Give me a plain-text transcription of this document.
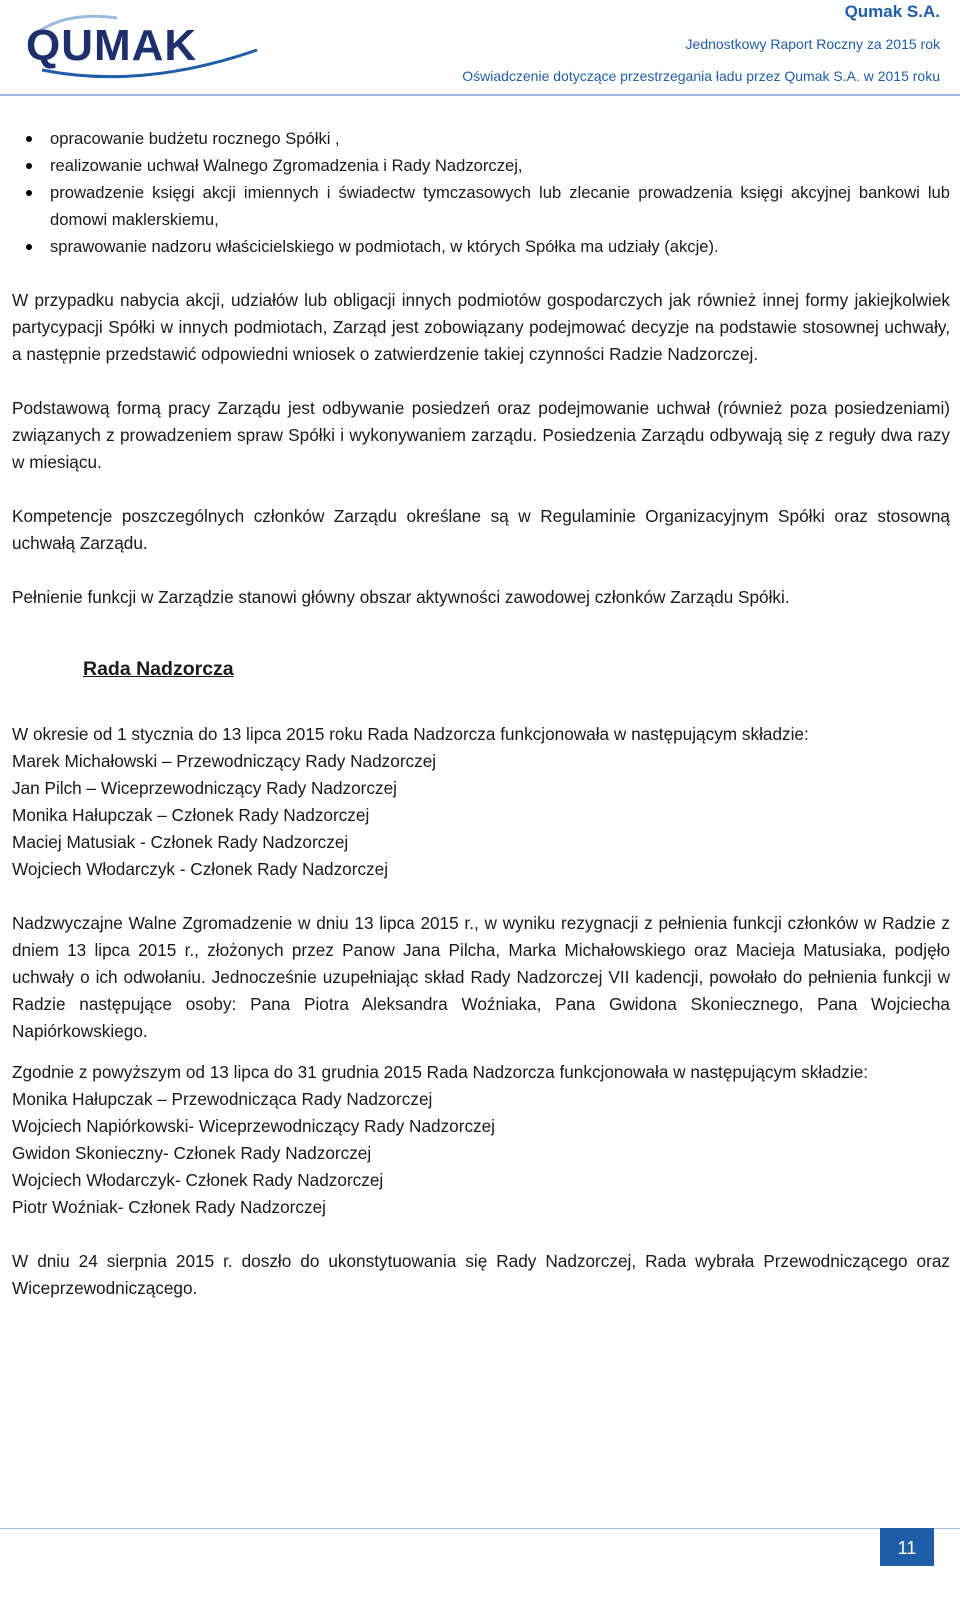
QUMAK
Qumak S.A.
Jednostkowy Raport Roczny za 2015 rok
Oświadczenie dotyczące przestrzegania ładu przez Qumak S.A. w 2015 roku
opracowanie budżetu rocznego Spółki ,
realizowanie uchwał Walnego Zgromadzenia i Rady Nadzorczej,
prowadzenie księgi akcji imiennych i świadectw tymczasowych lub zlecanie prowadzenia księgi akcyjnej bankowi lub domowi maklerskiemu,
sprawowanie nadzoru właścicielskiego w podmiotach, w których Spółka ma udziały (akcje).

W przypadku nabycia akcji, udziałów lub obligacji innych podmiotów gospodarczych jak również innej formy jakiejkolwiek partycypacji Spółki w innych podmiotach, Zarząd jest zobowiązany podejmować decyzje na podstawie stosownej uchwały, a następnie przedstawić odpowiedni wniosek o zatwierdzenie takiej czynności Radzie Nadzorczej.

Podstawową formą pracy Zarządu jest odbywanie posiedzeń oraz podejmowanie uchwał (również poza posiedzeniami) związanych z prowadzeniem spraw Spółki i wykonywaniem zarządu. Posiedzenia Zarządu odbywają się z reguły dwa razy w miesiącu.

Kompetencje poszczególnych członków Zarządu określane są w Regulaminie Organizacyjnym Spółki oraz stosowną uchwałą Zarządu.

Pełnienie funkcji w Zarządzie stanowi główny obszar aktywności zawodowej członków Zarządu Spółki.

Rada Nadzorcza

W okresie od 1 stycznia do 13 lipca 2015 roku Rada Nadzorcza funkcjonowała w następującym składzie:

Marek Michałowski – Przewodniczący Rady Nadzorczej
Jan Pilch – Wiceprzewodniczący Rady Nadzorczej
Monika Hałupczak – Członek Rady Nadzorczej
Maciej Matusiak - Członek Rady Nadzorczej
Wojciech Włodarczyk - Członek Rady Nadzorczej

Nadzwyczajne Walne Zgromadzenie w dniu 13 lipca 2015 r., w wyniku rezygnacji z pełnienia funkcji członków w Radzie z dniem 13 lipca 2015 r., złożonych przez Panow Jana Pilcha, Marka Michałowskiego oraz Macieja Matusiaka, podjęło uchwały o ich odwołaniu. Jednocześnie uzupełniając skład Rady Nadzorczej VII kadencji, powołało do pełnienia funkcji w Radzie następujące osoby: Pana Piotra Aleksandra Woźniaka, Pana Gwidona Skoniecznego, Pana Wojciecha Napiórkowskiego.

Zgodnie z powyższym od 13 lipca do 31 grudnia 2015 Rada Nadzorcza funkcjonowała w następującym składzie:

Monika Hałupczak – Przewodnicząca Rady Nadzorczej
Wojciech Napiórkowski- Wiceprzewodniczący Rady Nadzorczej
Gwidon Skonieczny- Członek Rady Nadzorczej
Wojciech Włodarczyk- Członek Rady Nadzorczej
Piotr Woźniak- Członek Rady Nadzorczej

W dniu 24 sierpnia 2015 r. doszło do ukonstytuowania się Rady Nadzorczej, Rada wybrała Przewodniczącego oraz Wiceprzewodniczącego.

11
